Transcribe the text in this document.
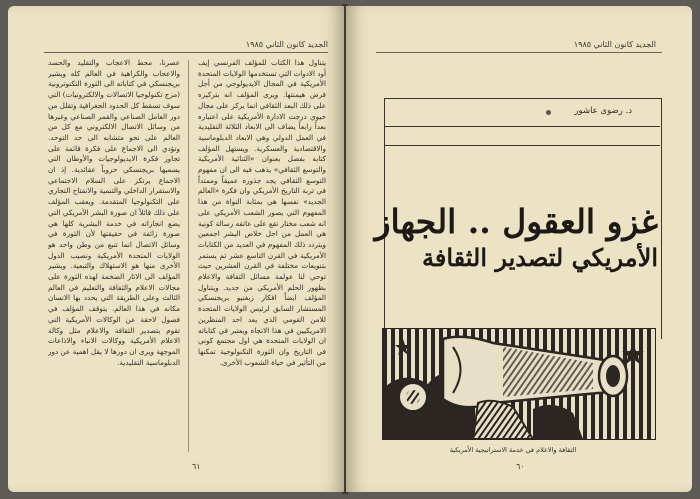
الجديد كانون الثاني ١٩٨٥
يتناول هذا الكتاب للمؤلف الفرنسي إيف أود الادوات التي تستخدمها الولايات المتحدة الأمريكية في المجال الايديولوجي من أجل فرض هيمنتها. ويرى المؤلف انه بتركيزه على ذلك البعد الثقافي انما يركز على مجال حيوي درجت الادارة الأمريكية على اعتباره بعداً رابعاً يضاف الى الابعاد الثلاثة التقليدية في العمل الدولي وهي الابعاد الدبلوماسية والاقتصادية والعسكرية. ويستهل المؤلف كتابه بفصل بعنوان «الثنائية الأمريكية والتوسع الثقافي» يذهب فيه الى ان مفهوم التوسع الثقافي يجد جذوره عميقاً وممتداً في تربة التاريخ الأمريكي وان فكرة «العالم الجديد» نفسها هي بمثابة النواة من هذا المفهوم التي يصور الشعب الأمريكي على انه شعب مختار تقع على عاتقه رسالة كونية هي العمل من اجل خلاص البشر اجمعين ويتردد ذلك المفهوم في العديد من الكتابات الأمريكية في القرن التاسع عشر ثم يستمر بتنويعات مختلفة في القرن العشرين حيث توحي لنا عولمة مسائل الثقافة والاعلام بظهور الحلم الأمريكي من جديد. ويتناول المؤلف ايضاً افكار زبغنيو بريجنسكي المستشار السابق لرئيس الولايات المتحدة للامن القومي الذي يعد احد المنظرين الامريكيين في هذا الاتجاه ويعتبر في كتاباته ان الولايات المتحدة هي اول مجتمع كوني في التاريخ وان الثورة التكنولوجية تمكنها من التأثير في حياة الشعوب الأخرى.
عصرنا، محط الاعجاب والتقليد والحسد والاعجاب والكراهية في العالم كله ويشير بريجنسكي في كتاباته الى الثورة التكنوترونية (مزج تكنولوجيا الاتصالات والالكترونيات) التي سوف تسقط كل الحدود الجغرافية وتقلل من دور العامل الصناعي والقمر الصناعي وغيرها من وسائل الاتصال الالكتروني مع كل من العالم على نحو متشابه الى حد التوحد. وتؤدي الى الاجماع على فكرة قائمة على تجاوز فكرة الايديولوجيات والأوطان التي يسميها بريجنسكي حروباً عقائدية. إذ ان الاجماع يرتكز على السلام الاجتماعي والاستقرار الداخلي والتنمية والانفتاح التجاري على التكنولوجيا المتقدمة. ويعقب المؤلف على ذلك قائلاً ان صورة البشر الأمريكي التي يضع انجازاته في خدمة البشرية كلها هي صورة زائفة في حقيقتها لأن الثورة في وسائل الاتصال انما تتبع من وطن واحد هو الولايات المتحدة الأمريكية ونصيب الدول الأخرى منها هو الاستهلاك والتبعية. ويشير المؤلف الى الاثار الضخمة لهذه الثورة على مجالات الاعلام والثقافة والتعليم في العالم الثالث وعلى الطريقة التي يحدد بها الانسان مكانه في هذا العالم. يتوقف المؤلف في فصول لاحقة عن الوكالات الأمريكية التي تقوم بتصدير الثقافة والاعلام مثل وكالة الاعلام الأمريكية ووكالات الانباء والاذاعات الموجهة ويرى ان دورها لا يقل اهمية عن دور الدبلوماسية التقليدية.
٦١
الجديد كانون الثاني ١٩٨٥
د. رضوى عاشور
غزو العقول .. الجهاز
الأمريكي لتصدير الثقافة
الثقافة والاعلام في خدمة الاستراتيجية الأمريكية
٦٠
